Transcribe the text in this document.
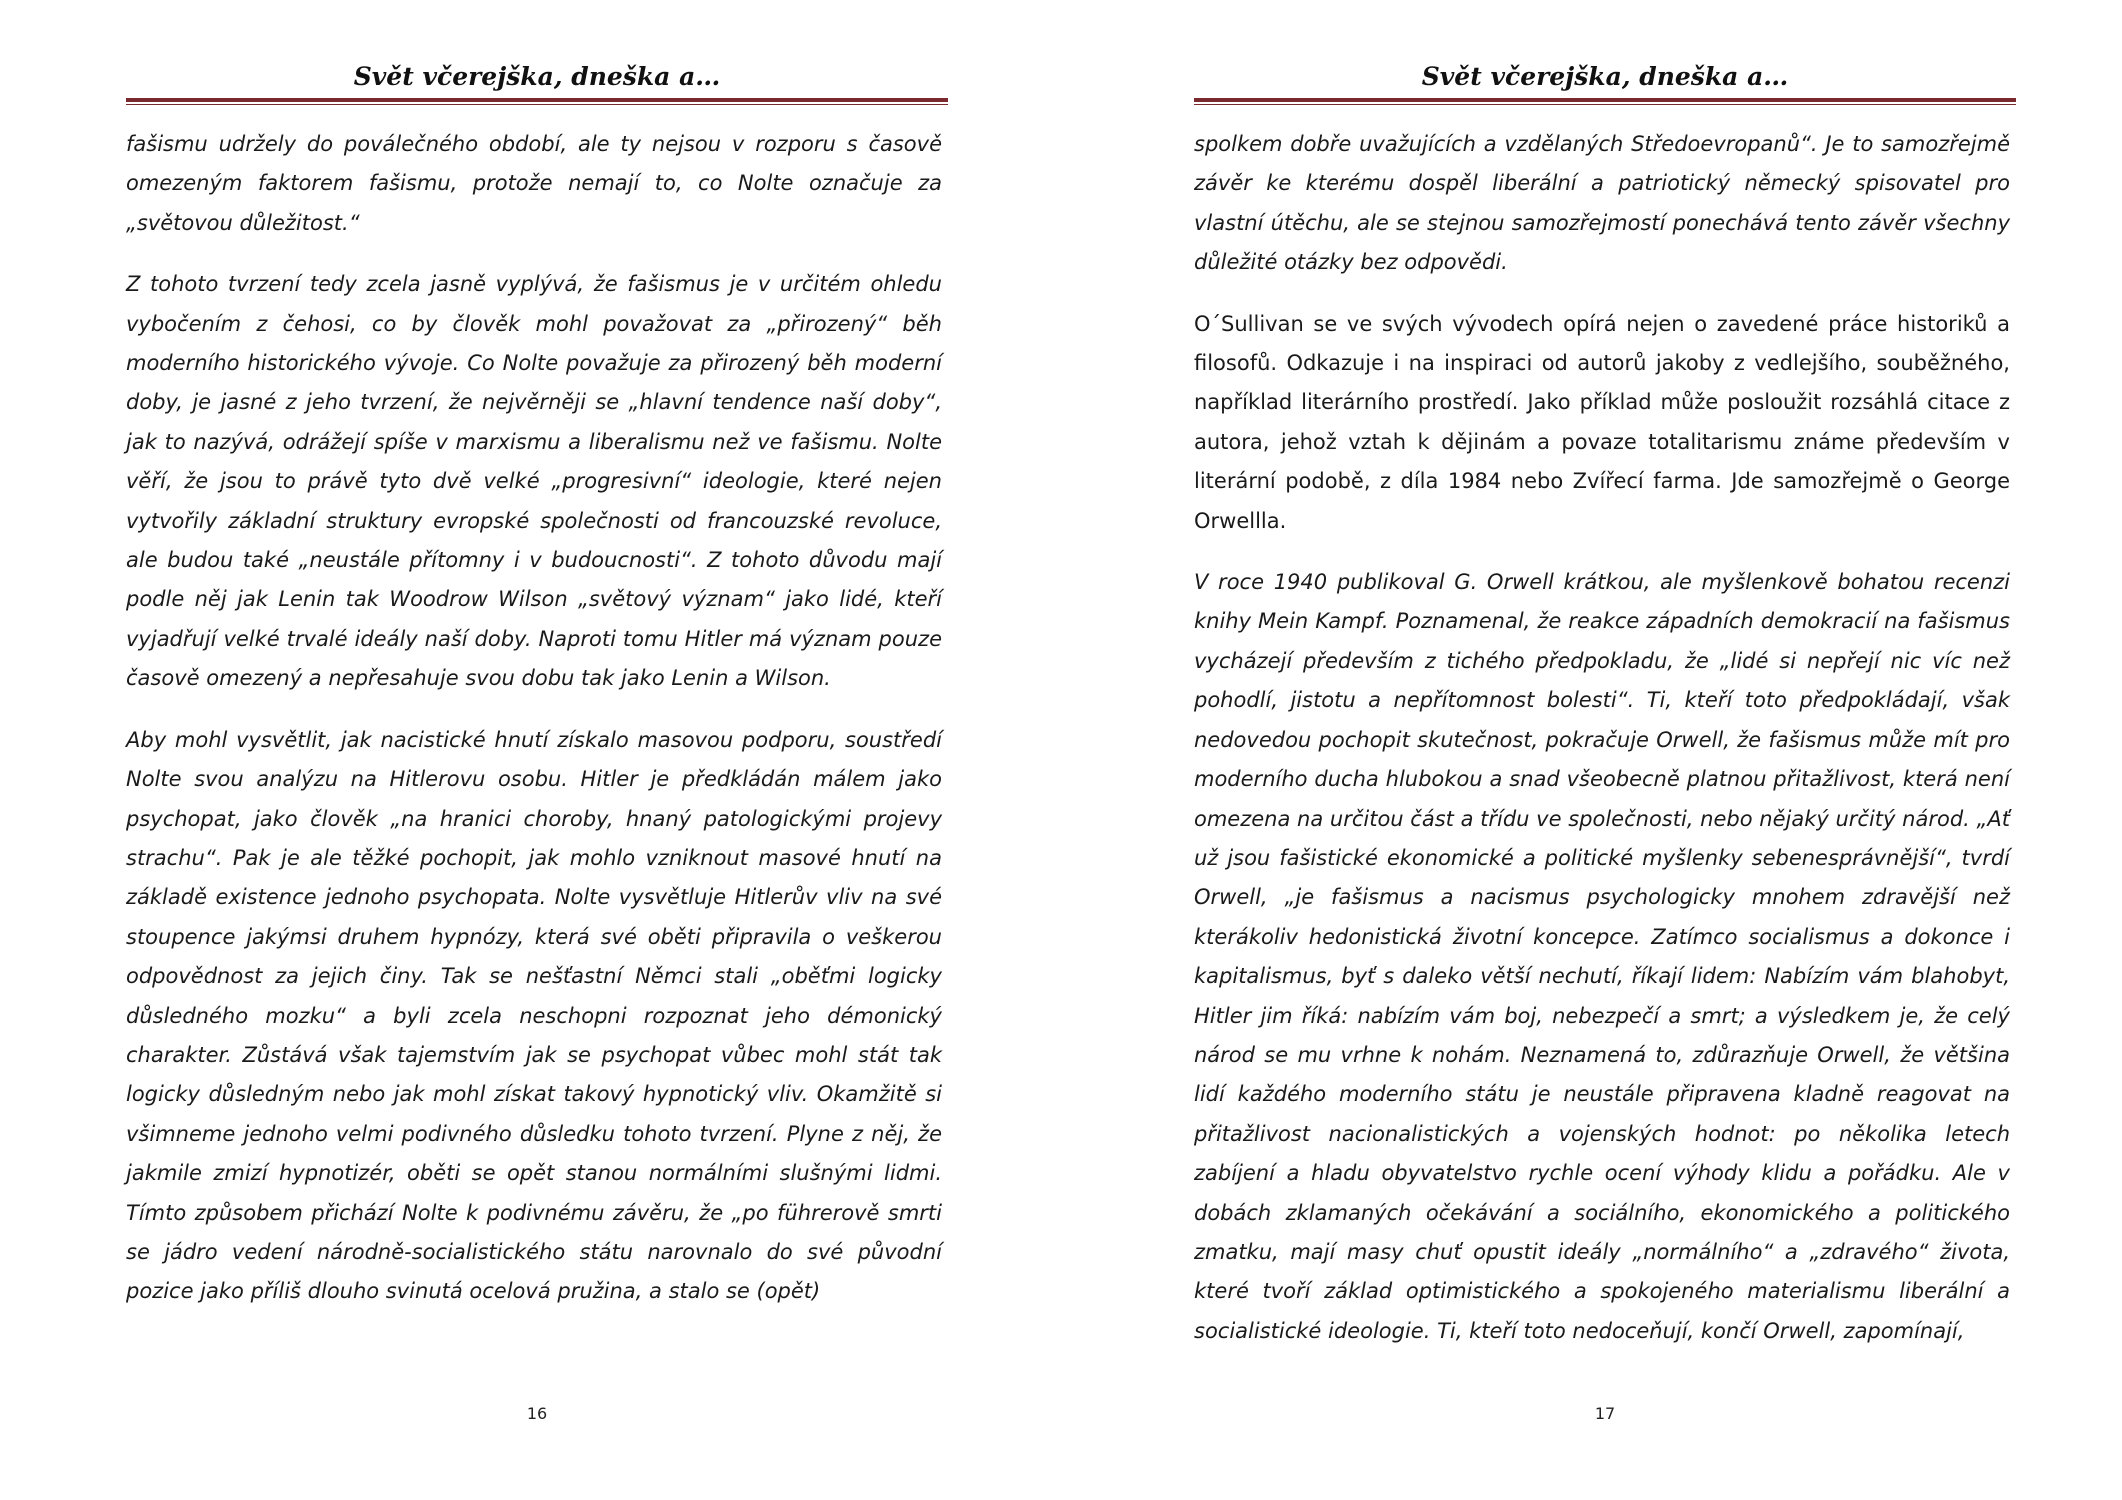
Svět včerejška, dneška a…

fašismu udržely do poválečného období, ale ty nejsou v rozporu s časově omezeným faktorem fašismu, protože nemají to, co Nolte označuje za „světovou důležitost.“

Z tohoto tvrzení tedy zcela jasně vyplývá, že fašismus je v určitém ohledu vybočením z čehosi, co by člověk mohl považovat za „přirozený“ běh moderního historického vývoje. Co Nolte považuje za přirozený běh moderní doby, je jasné z jeho tvrzení, že nejvěrněji se „hlavní tendence naší doby“, jak to nazývá, odrážejí spíše v marxismu a liberalismu než ve fašismu. Nolte věří, že jsou to právě tyto dvě velké „progresivní“ ideologie, které nejen vytvořily základní struktury evropské společnosti od francouzské revoluce, ale budou také „neustále přítomny i v budoucnosti“. Z tohoto důvodu mají podle něj jak Lenin tak Woodrow Wilson „světový význam“ jako lidé, kteří vyjadřují velké trvalé ideály naší doby. Naproti tomu Hitler má význam pouze časově omezený a nepřesahuje svou dobu tak jako Lenin a Wilson.

Aby mohl vysvětlit, jak nacistické hnutí získalo masovou podporu, soustředí Nolte svou analýzu na Hitlerovu osobu. Hitler je předkládán málem jako psychopat, jako člověk „na hranici choroby, hnaný patologickými projevy strachu“. Pak je ale těžké pochopit, jak mohlo vzniknout masové hnutí na základě existence jednoho psychopata. Nolte vysvětluje Hitlerův vliv na své stoupence jakýmsi druhem hypnózy, která své oběti připravila o veškerou odpovědnost za jejich činy. Tak se nešťastní Němci stali „oběťmi logicky důsledného mozku“ a byli zcela neschopni rozpoznat jeho démonický charakter. Zůstává však tajemstvím jak se psychopat vůbec mohl stát tak logicky důsledným nebo jak mohl získat takový hypnotický vliv. Okamžitě si všimneme jednoho velmi podivného důsledku tohoto tvrzení. Plyne z něj, že jakmile zmizí hypnotizér, oběti se opět stanou normálními slušnými lidmi. Tímto způsobem přichází Nolte k podivnému závěru, že „po führerově smrti se jádro vedení národně-socialistického státu narovnalo do své původní pozice jako příliš dlouho svinutá ocelová pružina, a stalo se (opět)

16
Svět včerejška, dneška a…

spolkem dobře uvažujících a vzdělaných Středoevropanů“. Je to samozřejmě závěr ke kterému dospěl liberální a patriotický německý spisovatel pro vlastní útěchu, ale se stejnou samozřejmostí ponechává tento závěr všechny důležité otázky bez odpovědi.

O´Sullivan se ve svých vývodech opírá nejen o zavedené práce historiků a filosofů. Odkazuje i na inspiraci od autorů jakoby z vedlejšího, souběžného, například literárního prostředí. Jako příklad může posloužit rozsáhlá citace z autora, jehož vztah k dějinám a povaze totalitarismu známe především v literární podobě, z díla 1984 nebo Zvířecí farma. Jde samozřejmě o George Orwellla.

V roce 1940 publikoval G. Orwell krátkou, ale myšlenkově bohatou recenzi knihy Mein Kampf. Poznamenal, že reakce západních demokracií na fašismus vycházejí především z tichého předpokladu, že „lidé si nepřejí nic víc než pohodlí, jistotu a nepřítomnost bolesti“. Ti, kteří toto předpokládají, však nedovedou pochopit skutečnost, pokračuje Orwell, že fašismus může mít pro moderního ducha hlubokou a snad všeobecně platnou přitažlivost, která není omezena na určitou část a třídu ve společnosti, nebo nějaký určitý národ. „Ať už jsou fašistické ekonomické a politické myšlenky sebenesprávnější“, tvrdí Orwell, „je fašismus a nacismus psychologicky mnohem zdravější než kterákoliv hedonistická životní koncepce. Zatímco socialismus a dokonce i kapitalismus, byť s daleko větší nechutí, říkají lidem: Nabízím vám blahobyt, Hitler jim říká: nabízím vám boj, nebezpečí a smrt; a výsledkem je, že celý národ se mu vrhne k nohám. Neznamená to, zdůrazňuje Orwell, že většina lidí každého moderního státu je neustále připravena kladně reagovat na přitažlivost nacionalistických a vojenských hodnot: po několika letech zabíjení a hladu obyvatelstvo rychle ocení výhody klidu a pořádku. Ale v dobách zklamaných očekávání a sociálního, ekonomického a politického zmatku, mají masy chuť opustit ideály „normálního“ a „zdravého“ života, které tvoří základ optimistického a spokojeného materialismu liberální a socialistické ideologie. Ti, kteří toto nedoceňují, končí Orwell, zapomínají,

17
